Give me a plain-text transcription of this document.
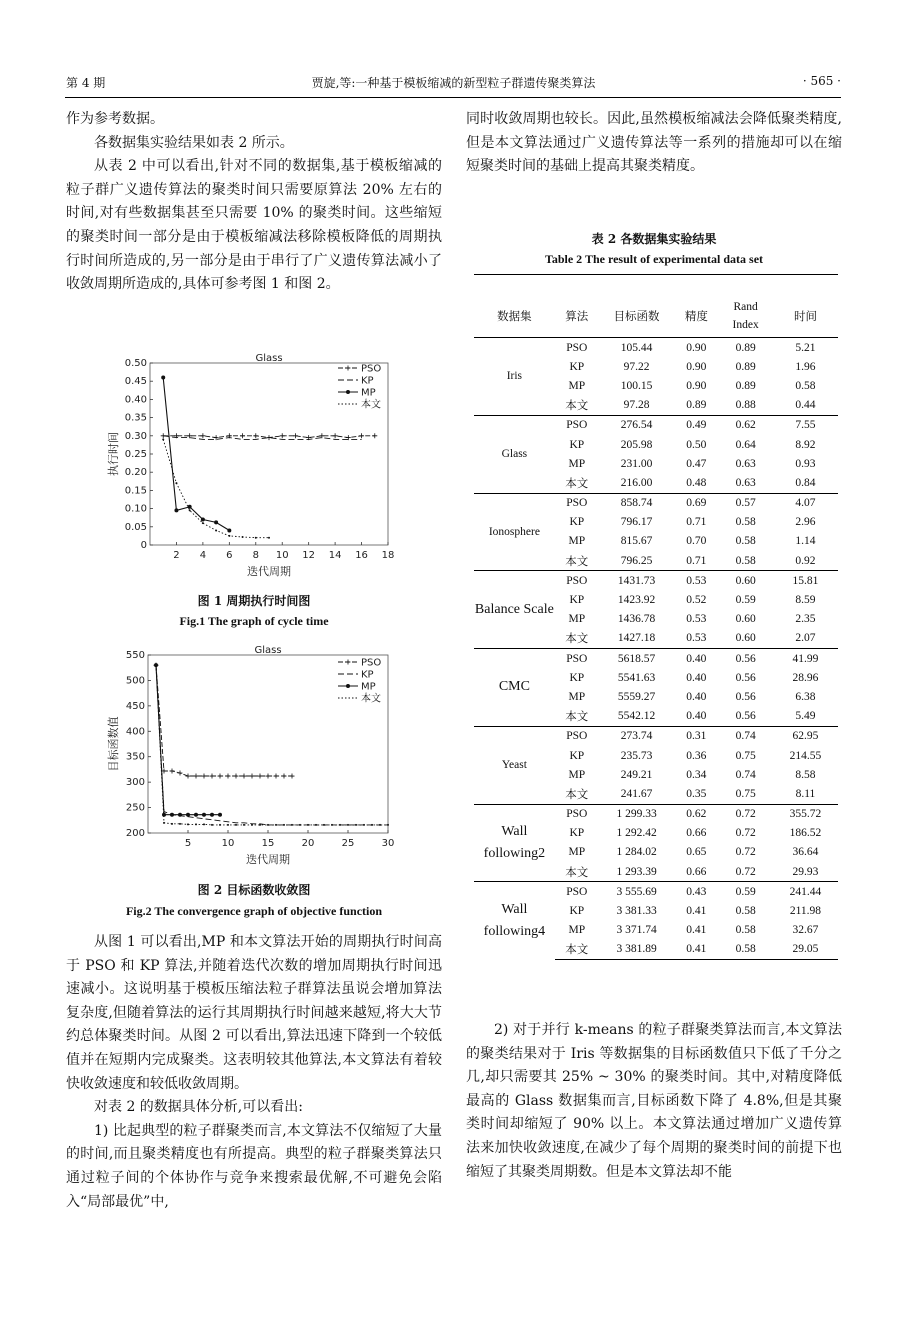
第 4 期	贾旋,等:一种基于模板缩减的新型粒子群遗传聚类算法	· 565 ·

作为参考数据。

各数据集实验结果如表 2 所示。

从表 2 中可以看出,针对不同的数据集,基于模板缩减的粒子群广义遗传算法的聚类时间只需要原算法 20% 左右的时间,对有些数据集甚至只需要 10% 的聚类时间。这些缩短的聚类时间一部分是由于模板缩减法移除模板降低的周期执行时间所造成的,另一部分是由于串行了广义遗传算法减小了收敛周期所造成的,具体可参考图 1 和图 2。

0
0.05
0.10
0.15
0.20
0.25
0.30
0.35
0.40
0.45
0.50
2 4 6 8 10 12 14 16 18
Glass
迭代周期
执行时间
PSO
KP
MP
本文
图 1 周期执行时间图
Fig.1 The graph of cycle time
200
250
300
350
400
450
500
550
5	10	15	20	25	30
Glass
迭代周期
目标函数值
PSO
KP
MP
本文
图 2 目标函数收敛图
Fig.2 The convergence graph of objective function

从图 1 可以看出,MP 和本文算法开始的周期执行时间高于 PSO 和 KP 算法,并随着迭代次数的增加周期执行时间迅速减小。这说明基于模板压缩法粒子群算法虽说会增加算法复杂度,但随着算法的运行其周期执行时间越来越短,将大大节约总体聚类时间。从图 2 可以看出,算法迅速下降到一个较低值并在短期内完成聚类。这表明较其他算法,本文算法有着较快收敛速度和较低收敛周期。

对表 2 的数据具体分析,可以看出:

1) 比起典型的粒子群聚类而言,本文算法不仅缩短了大量的时间,而且聚类精度也有所提高。典型的粒子群聚类算法只通过粒子间的个体协作与竞争来搜索最优解,不可避免会陷入“局部最优”中,

同时收敛周期也较长。因此,虽然模板缩减法会降低聚类精度,但是本文算法通过广义遗传算法等一系列的措施却可以在缩短聚类时间的基础上提高其聚类精度。

表 2 各数据集实验结果
Table 2 The result of experimental data set
数据集	算法	目标函数	精度	Rand Index	时间
Iris	PSO	105.44	0.90	0.89	5.21
	KP	97.22	0.90	0.89	1.96
	MP	100.15	0.90	0.89	0.58
	本文	97.28	0.89	0.88	0.44
Glass	PSO	276.54	0.49	0.62	7.55
	KP	205.98	0.50	0.64	8.92
	MP	231.00	0.47	0.63	0.93
	本文	216.00	0.48	0.63	0.84
Ionosphere	PSO	858.74	0.69	0.57	4.07
	KP	796.17	0.71	0.58	2.96
	MP	815.67	0.70	0.58	1.14
	本文	796.25	0.71	0.58	0.92
Balance Scale	PSO	1431.73	0.53	0.60	15.81
	KP	1423.92	0.52	0.59	8.59
	MP	1436.78	0.53	0.60	2.35
	本文	1427.18	0.53	0.60	2.07
CMC	PSO	5618.57	0.40	0.56	41.99
	KP	5541.63	0.40	0.56	28.96
	MP	5559.27	0.40	0.56	6.38
	本文	5542.12	0.40	0.56	5.49
Yeast	PSO	273.74	0.31	0.74	62.95
	KP	235.73	0.36	0.75	214.55
	MP	249.21	0.34	0.74	8.58
	本文	241.67	0.35	0.75	8.11
Wall following2	PSO	1 299.33	0.62	0.72	355.72
	KP	1 292.42	0.66	0.72	186.52
	MP	1 284.02	0.65	0.72	36.64
	本文	1 293.39	0.66	0.72	29.93
Wall following4	PSO	3 555.69	0.43	0.59	241.44
	KP	3 381.33	0.41	0.58	211.98
	MP	3 371.74	0.41	0.58	32.67
	本文	3 381.89	0.41	0.58	29.05

2) 对于并行 k-means 的粒子群聚类算法而言,本文算法的聚类结果对于 Iris 等数据集的目标函数值只下低了千分之几,却只需要其 25% ~ 30% 的聚类时间。其中,对精度降低最高的 Glass 数据集而言,目标函数下降了 4.8%,但是其聚类时间却缩短了 90% 以上。本文算法通过增加广义遗传算法来加快收敛速度,在减少了每个周期的聚类时间的前提下也缩短了其聚类周期数。但是本文算法却不能
